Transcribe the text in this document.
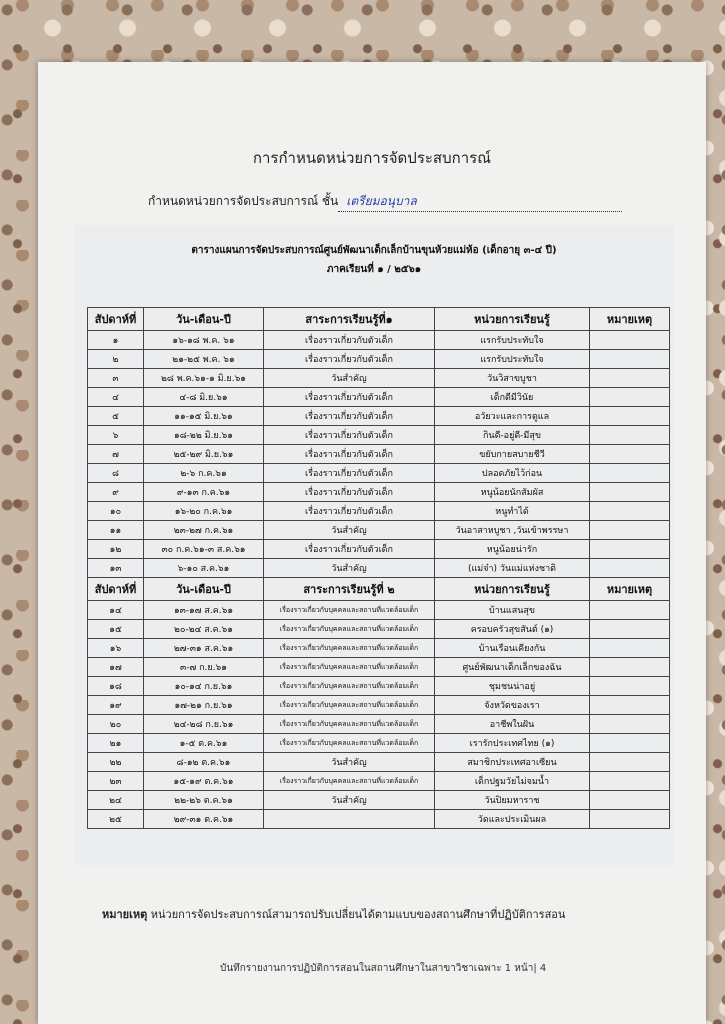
การกำหนดหน่วยการจัดประสบการณ์
กำหนดหน่วยการจัดประสบการณ์ ชั้น เตรียมอนุบาล
ตารางแผนการจัดประสบการณ์ศูนย์พัฒนาเด็กเล็กบ้านขุนห้วยแม่ห้อ (เด็กอายุ ๓-๔ ปี)
ภาคเรียนที่ ๑ / ๒๕๖๑
สัปดาห์ที่	วัน-เดือน-ปี	สาระการเรียนรู้ที่๑	หน่วยการเรียนรู้	หมายเหตุ
๑	๑๖-๑๘ พ.ค. ๖๑	เรื่องราวเกี่ยวกับตัวเด็ก	แรกรับประทับใจ	
๒	๒๑-๒๕ พ.ค. ๖๑	เรื่องราวเกี่ยวกับตัวเด็ก	แรกรับประทับใจ	
๓	๒๘ พ.ค.๖๑-๑ มิ.ย.๖๑	วันสำคัญ	วันวิสาขบูชา	
๔	๔-๘ มิ.ย.๖๑	เรื่องราวเกี่ยวกับตัวเด็ก	เด็กดีมีวินัย	
๕	๑๑-๑๕ มิ.ย.๖๑	เรื่องราวเกี่ยวกับตัวเด็ก	อวัยวะและการดูแล	
๖	๑๘-๒๒ มิ.ย.๖๑	เรื่องราวเกี่ยวกับตัวเด็ก	กินดี-อยู่ดี-มีสุข	
๗	๒๕-๒๙ มิ.ย.๖๑	เรื่องราวเกี่ยวกับตัวเด็ก	ขยับกายสบายชีวี	
๘	๒-๖ ก.ค.๖๑	เรื่องราวเกี่ยวกับตัวเด็ก	ปลอดภัยไว้ก่อน	
๙	๙-๑๓ ก.ค.๖๑	เรื่องราวเกี่ยวกับตัวเด็ก	หนูน้อยนักสัมผัส	
๑๐	๑๖-๒๐ ก.ค.๖๑	เรื่องราวเกี่ยวกับตัวเด็ก	หนูทำได้	
๑๑	๒๓-๒๗ ก.ค.๖๑	วันสำคัญ	วันอาสาหบูชา ,วันเข้าพรรษา	
๑๒	๓๐ ก.ค.๖๑-๓ ส.ค.๖๑	เรื่องราวเกี่ยวกับตัวเด็ก	หนูน้อยน่ารัก	
๑๓	๖-๑๐ ส.ค.๖๑	วันสำคัญ	(แม่จ๋า) วันแม่แห่งชาติ	
สัปดาห์ที่	วัน-เดือน-ปี	สาระการเรียนรู้ที่ ๒	หน่วยการเรียนรู้	หมายเหตุ
๑๔	๑๓-๑๗ ส.ค.๖๑	เรื่องราวเกี่ยวกับบุคคลและสถานที่แวดล้อมเด็ก	บ้านแสนสุข	
๑๕	๒๐-๒๔ ส.ค.๖๑	เรื่องราวเกี่ยวกับบุคคลและสถานที่แวดล้อมเด็ก	ครอบครัวสุขสันต์ (๑)	
๑๖	๒๗-๓๑ ส.ค.๖๑	เรื่องราวเกี่ยวกับบุคคลและสถานที่แวดล้อมเด็ก	บ้านเรือนเคียงกัน	
๑๗	๓-๗ ก.ย.๖๑	เรื่องราวเกี่ยวกับบุคคลและสถานที่แวดล้อมเด็ก	ศูนย์พัฒนาเด็กเล็กของฉัน	
๑๘	๑๐-๑๔ ก.ย.๖๑	เรื่องราวเกี่ยวกับบุคคลและสถานที่แวดล้อมเด็ก	ชุมชนน่าอยู่	
๑๙	๑๗-๒๑ ก.ย.๖๑	เรื่องราวเกี่ยวกับบุคคลและสถานที่แวดล้อมเด็ก	จังหวัดของเรา	
๒๐	๒๔-๒๘ ก.ย.๖๑	เรื่องราวเกี่ยวกับบุคคลและสถานที่แวดล้อมเด็ก	อาชีพในฝัน	
๒๑	๑-๕ ต.ค.๖๑	เรื่องราวเกี่ยวกับบุคคลและสถานที่แวดล้อมเด็ก	เรารักประเทศไทย (๑)	
๒๒	๘-๑๒ ต.ค.๖๑	วันสำคัญ	สมาชิกประเทศอาเซียน	
๒๓	๑๕-๑๙ ต.ค.๖๑	เรื่องราวเกี่ยวกับบุคคลและสถานที่แวดล้อมเด็ก	เด็กปฐมวัยไม่จมน้ำ	
๒๔	๒๒-๒๖ ต.ค.๖๑	วันสำคัญ	วันปิยมหาราช	
๒๕	๒๙-๓๑ ต.ค.๖๑		วัดและประเมินผล	
หมายเหตุ หน่วยการจัดประสบการณ์สามารถปรับเปลี่ยนได้ตามแบบของสถานศึกษาที่ปฏิบัติการสอน
บันทึกรายงานการปฏิบัติการสอนในสถานศึกษาในสาขาวิชาเฉพาะ 1 หน้า| 4
